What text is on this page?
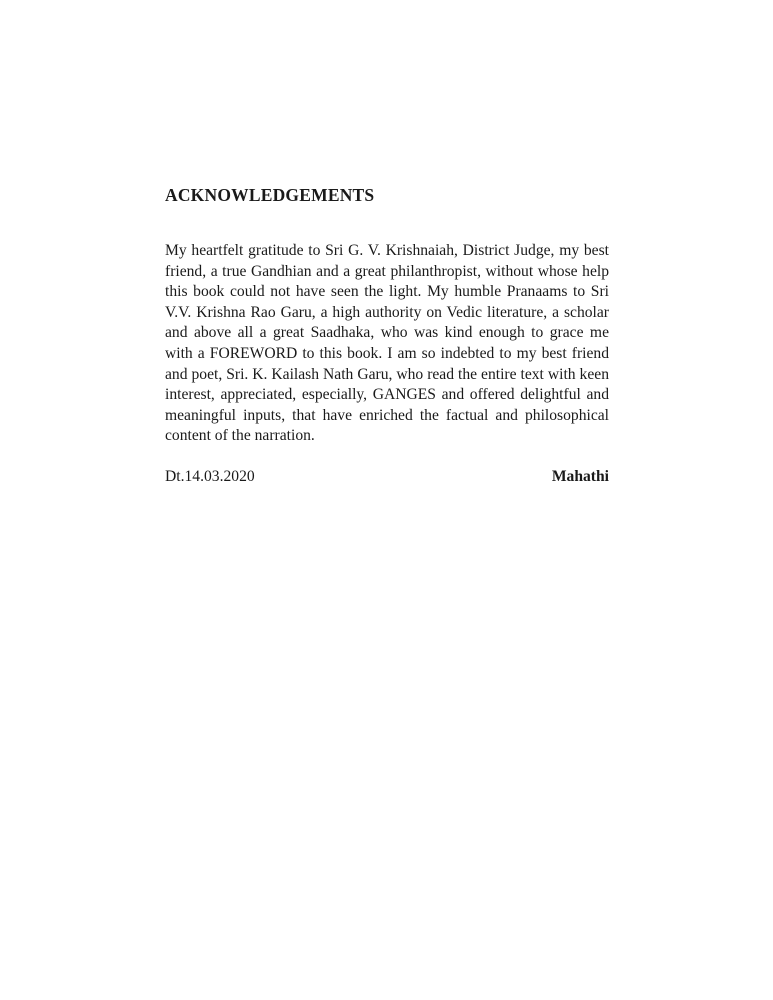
ACKNOWLEDGEMENTS

My heartfelt gratitude to Sri G. V. Krishnaiah, District Judge, my best friend, a true Gandhian and a great philanthropist, without whose help this book could not have seen the light. My humble Pranaams to Sri V.V. Krishna Rao Garu, a high authority on Vedic literature, a scholar and above all a great Saadhaka, who was kind enough to grace me with a FOREWORD to this book. I am so indebted to my best friend and poet, Sri. K. Kailash Nath Garu, who read the entire text with keen interest, appreciated, especially, GANGES and offered delightful and meaningful inputs, that have enriched the factual and philosophical content of the narration.

Dt.14.03.2020	Mahathi
